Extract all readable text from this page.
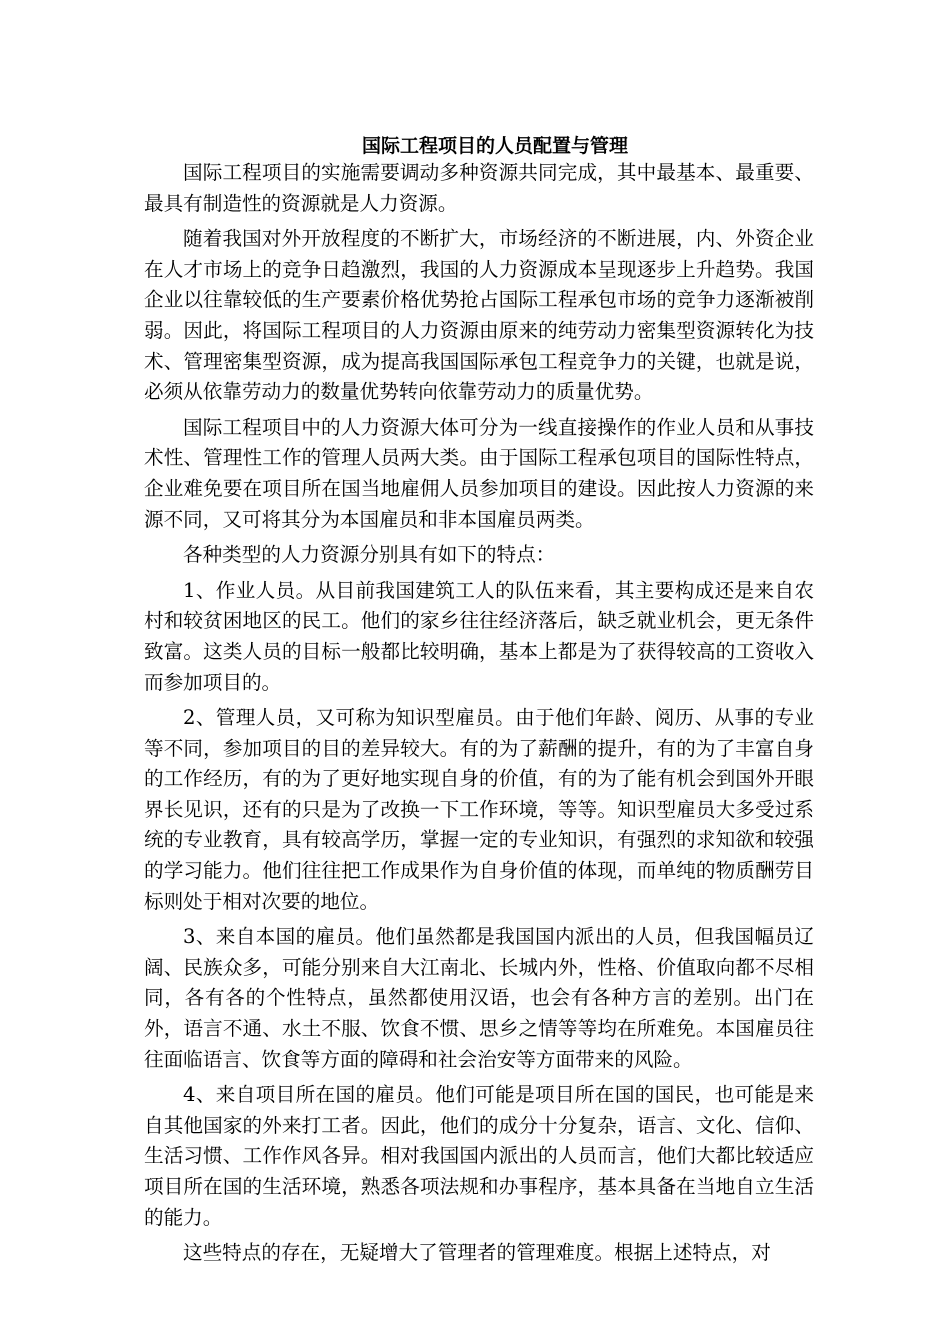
国际工程项目的人员配置与管理

国际工程项目的实施需要调动多种资源共同完成，其中最基本、最重要、最具有制造性的资源就是人力资源。

随着我国对外开放程度的不断扩大，市场经济的不断进展，内、外资企业在人才市场上的竞争日趋激烈，我国的人力资源成本呈现逐步上升趋势。我国企业以往靠较低的生产要素价格优势抢占国际工程承包市场的竞争力逐渐被削弱。因此，将国际工程项目的人力资源由原来的纯劳动力密集型资源转化为技术、管理密集型资源，成为提高我国国际承包工程竞争力的关键，也就是说，必须从依靠劳动力的数量优势转向依靠劳动力的质量优势。

国际工程项目中的人力资源大体可分为一线直接操作的作业人员和从事技术性、管理性工作的管理人员两大类。由于国际工程承包项目的国际性特点，企业难免要在项目所在国当地雇佣人员参加项目的建设。因此按人力资源的来源不同，又可将其分为本国雇员和非本国雇员两类。

各种类型的人力资源分别具有如下的特点：

1、作业人员。从目前我国建筑工人的队伍来看，其主要构成还是来自农村和较贫困地区的民工。他们的家乡往往经济落后，缺乏就业机会，更无条件致富。这类人员的目标一般都比较明确，基本上都是为了获得较高的工资收入而参加项目的。

2、管理人员，又可称为知识型雇员。由于他们年龄、阅历、从事的专业等不同，参加项目的目的差异较大。有的为了薪酬的提升，有的为了丰富自身的工作经历，有的为了更好地实现自身的价值，有的为了能有机会到国外开眼界长见识，还有的只是为了改换一下工作环境，等等。知识型雇员大多受过系统的专业教育，具有较高学历，掌握一定的专业知识，有强烈的求知欲和较强的学习能力。他们往往把工作成果作为自身价值的体现，而单纯的物质酬劳目标则处于相对次要的地位。

3、来自本国的雇员。他们虽然都是我国国内派出的人员，但我国幅员辽阔、民族众多，可能分别来自大江南北、长城内外，性格、价值取向都不尽相同，各有各的个性特点，虽然都使用汉语，也会有各种方言的差别。出门在外，语言不通、水土不服、饮食不惯、思乡之情等等均在所难免。本国雇员往往面临语言、饮食等方面的障碍和社会治安等方面带来的风险。

4、来自项目所在国的雇员。他们可能是项目所在国的国民，也可能是来自其他国家的外来打工者。因此，他们的成分十分复杂，语言、文化、信仰、生活习惯、工作作风各异。相对我国国内派出的人员而言，他们大都比较适应项目所在国的生活环境，熟悉各项法规和办事程序，基本具备在当地自立生活的能力。

这些特点的存在，无疑增大了管理者的管理难度。根据上述特点，对
